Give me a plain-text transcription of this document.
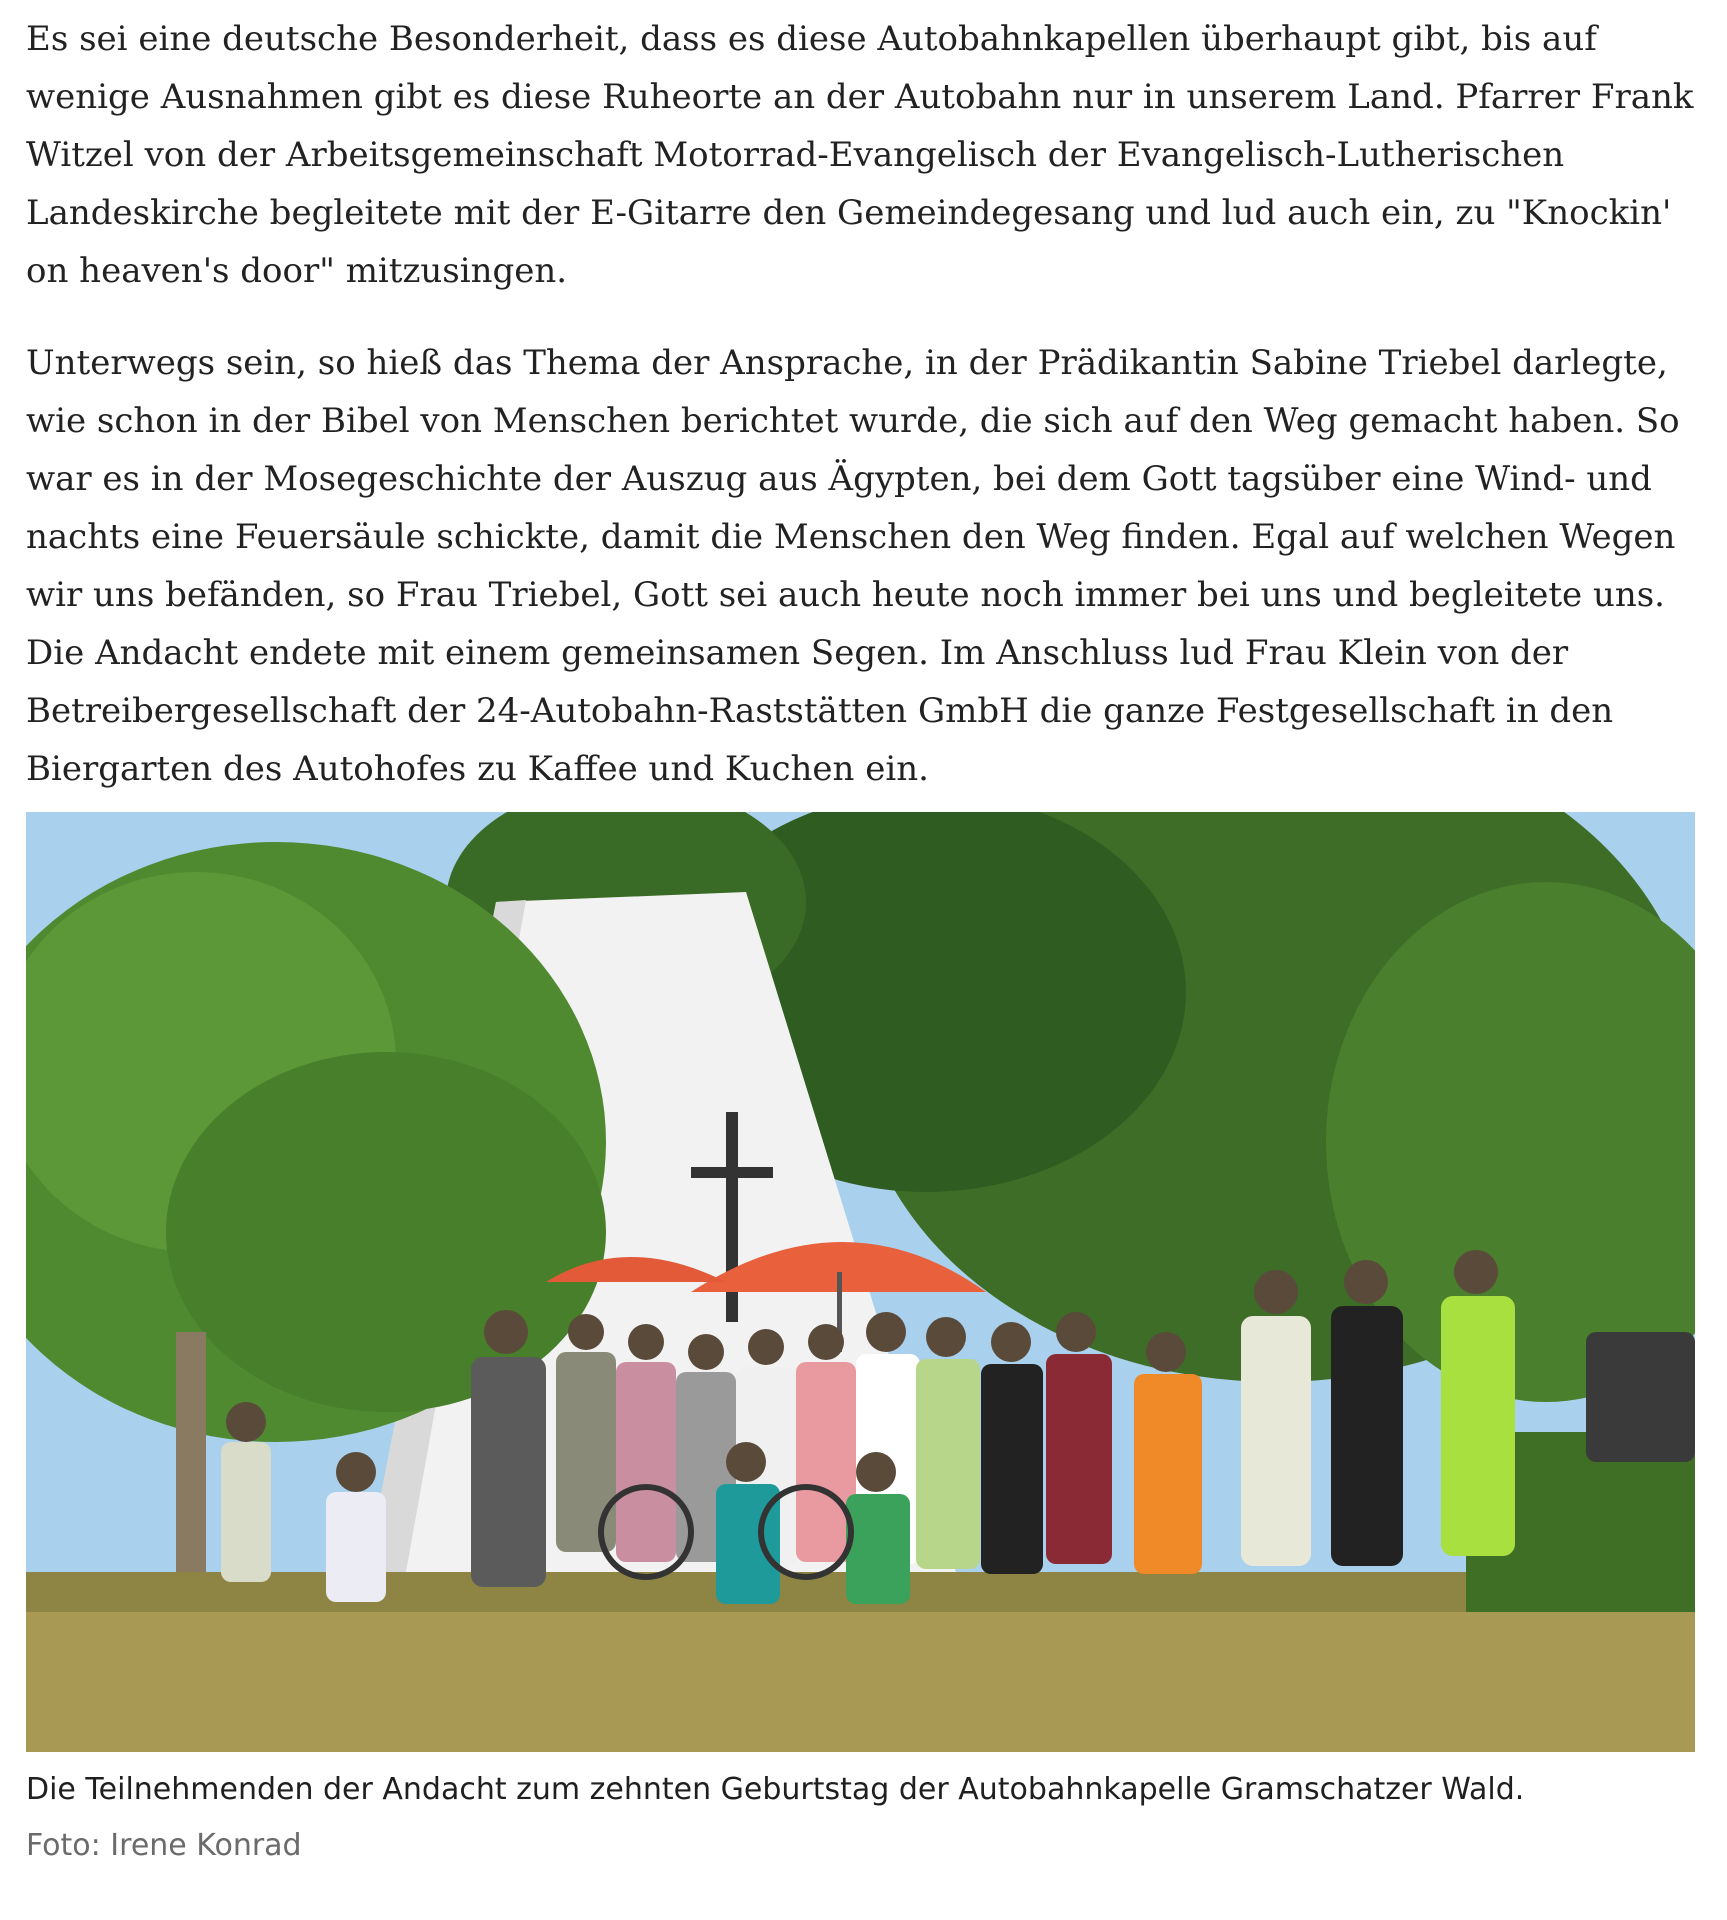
Es sei eine deutsche Besonderheit, dass es diese Autobahnkapellen überhaupt gibt, bis auf wenige Ausnahmen gibt es diese Ruheorte an der Autobahn nur in unserem Land. Pfarrer Frank Witzel von der Arbeitsgemeinschaft Motorrad-Evangelisch der Evangelisch-Lutherischen Landeskirche begleitete mit der E-Gitarre den Gemeindegesang und lud auch ein, zu "Knockin' on heaven's door" mitzusingen.

Unterwegs sein, so hieß das Thema der Ansprache, in der Prädikantin Sabine Triebel darlegte, wie schon in der Bibel von Menschen berichtet wurde, die sich auf den Weg gemacht haben. So war es in der Mosegeschichte der Auszug aus Ägypten, bei dem Gott tagsüber eine Wind- und nachts eine Feuersäule schickte, damit die Menschen den Weg finden. Egal auf welchen Wegen wir uns befänden, so Frau Triebel, Gott sei auch heute noch immer bei uns und begleitete uns. Die Andacht endete mit einem gemeinsamen Segen. Im Anschluss lud Frau Klein von der Betreibergesellschaft der 24-Autobahn-Raststätten GmbH die ganze Festgesellschaft in den Biergarten des Autohofes zu Kaffee und Kuchen ein.

Die Teilnehmenden der Andacht zum zehnten Geburtstag der Autobahnkapelle Gramschatzer Wald.

Foto: Irene Konrad
